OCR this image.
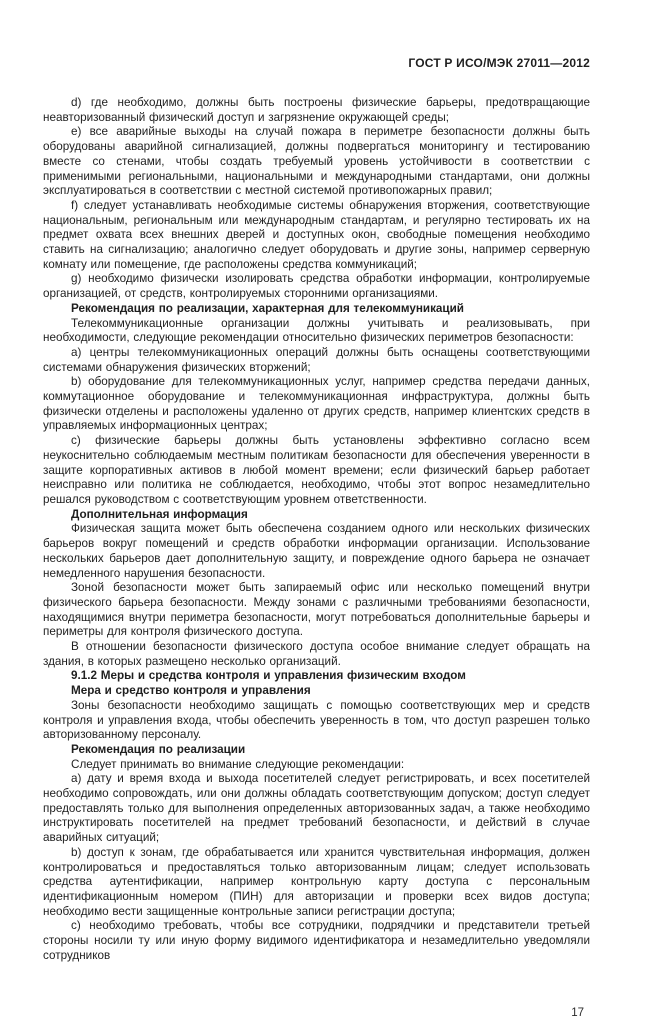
ГОСТ Р ИСО/МЭК 27011—2012

d) где необходимо, должны быть построены физические барьеры, предотвращающие неавторизованный физический доступ и загрязнение окружающей среды;

e) все аварийные выходы на случай пожара в периметре безопасности должны быть оборудованы аварийной сигнализацией, должны подвергаться мониторингу и тестированию вместе со стенами, чтобы создать требуемый уровень устойчивости в соответствии с применимыми региональными, национальными и международными стандартами, они должны эксплуатироваться в соответствии с местной системой противопожарных правил;

f) следует устанавливать необходимые системы обнаружения вторжения, соответствующие национальным, региональным или международным стандартам, и регулярно тестировать их на предмет охвата всех внешних дверей и доступных окон, свободные помещения необходимо ставить на сигнализацию; аналогично следует оборудовать и другие зоны, например серверную комнату или помещение, где расположены средства коммуникаций;

g) необходимо физически изолировать средства обработки информации, контролируемые организацией, от средств, контролируемых сторонними организациями.

Рекомендация по реализации, характерная для телекоммуникаций

Телекоммуникационные организации должны учитывать и реализовывать, при необходимости, следующие рекомендации относительно физических периметров безопасности:

a) центры телекоммуникационных операций должны быть оснащены соответствующими системами обнаружения физических вторжений;

b) оборудование для телекоммуникационных услуг, например средства передачи данных, коммутационное оборудование и телекоммуникационная инфраструктура, должны быть физически отделены и расположены удаленно от других средств, например клиентских средств в управляемых информационных центрах;

c) физические барьеры должны быть установлены эффективно согласно всем неукоснительно соблюдаемым местным политикам безопасности для обеспечения уверенности в защите корпоративных активов в любой момент времени; если физический барьер работает неисправно или политика не соблюдается, необходимо, чтобы этот вопрос незамедлительно решался руководством с соответствующим уровнем ответственности.

Дополнительная информация

Физическая защита может быть обеспечена созданием одного или нескольких физических барьеров вокруг помещений и средств обработки информации организации. Использование нескольких барьеров дает дополнительную защиту, и повреждение одного барьера не означает немедленного нарушения безопасности.

Зоной безопасности может быть запираемый офис или несколько помещений внутри физического барьера безопасности. Между зонами с различными требованиями безопасности, находящимися внутри периметра безопасности, могут потребоваться дополнительные барьеры и периметры для контроля физического доступа.

В отношении безопасности физического доступа особое внимание следует обращать на здания, в которых размещено несколько организаций.

9.1.2 Меры и средства контроля и управления физическим входом

Мера и средство контроля и управления

Зоны безопасности необходимо защищать с помощью соответствующих мер и средств контроля и управления входа, чтобы обеспечить уверенность в том, что доступ разрешен только авторизованному персоналу.

Рекомендация по реализации

Следует принимать во внимание следующие рекомендации:

a) дату и время входа и выхода посетителей следует регистрировать, и всех посетителей необходимо сопровождать, или они должны обладать соответствующим допуском; доступ следует предоставлять только для выполнения определенных авторизованных задач, а также необходимо инструктировать посетителей на предмет требований безопасности, и действий в случае аварийных ситуаций;

b) доступ к зонам, где обрабатывается или хранится чувствительная информация, должен контролироваться и предоставляться только авторизованным лицам; следует использовать средства аутентификации, например контрольную карту доступа с персональным идентификационным номером (ПИН) для авторизации и проверки всех видов доступа; необходимо вести защищенные контрольные записи регистрации доступа;

c) необходимо требовать, чтобы все сотрудники, подрядчики и представители третьей стороны носили ту или иную форму видимого идентификатора и незамедлительно уведомляли сотрудников

17
